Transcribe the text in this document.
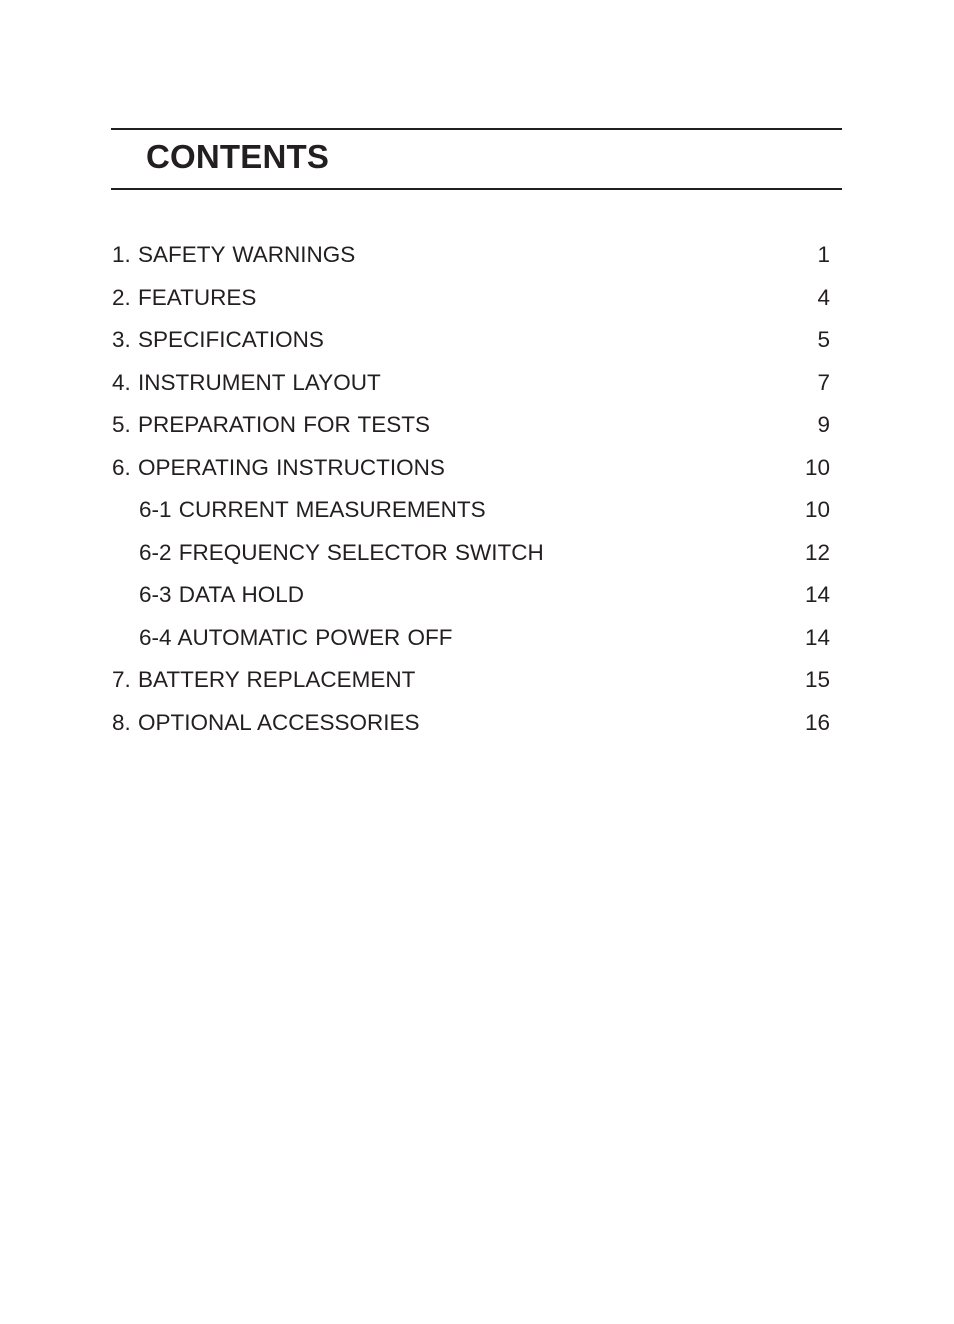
CONTENTS
1. SAFETY WARNINGS	1
2. FEATURES	4
3. SPECIFICATIONS	5
4. INSTRUMENT LAYOUT	7
5. PREPARATION FOR TESTS	9
6. OPERATING INSTRUCTIONS	10
6-1 CURRENT MEASUREMENTS	10
6-2 FREQUENCY SELECTOR SWITCH	12
6-3 DATA HOLD	14
6-4 AUTOMATIC POWER OFF	14
7. BATTERY REPLACEMENT	15
8. OPTIONAL ACCESSORIES	16
